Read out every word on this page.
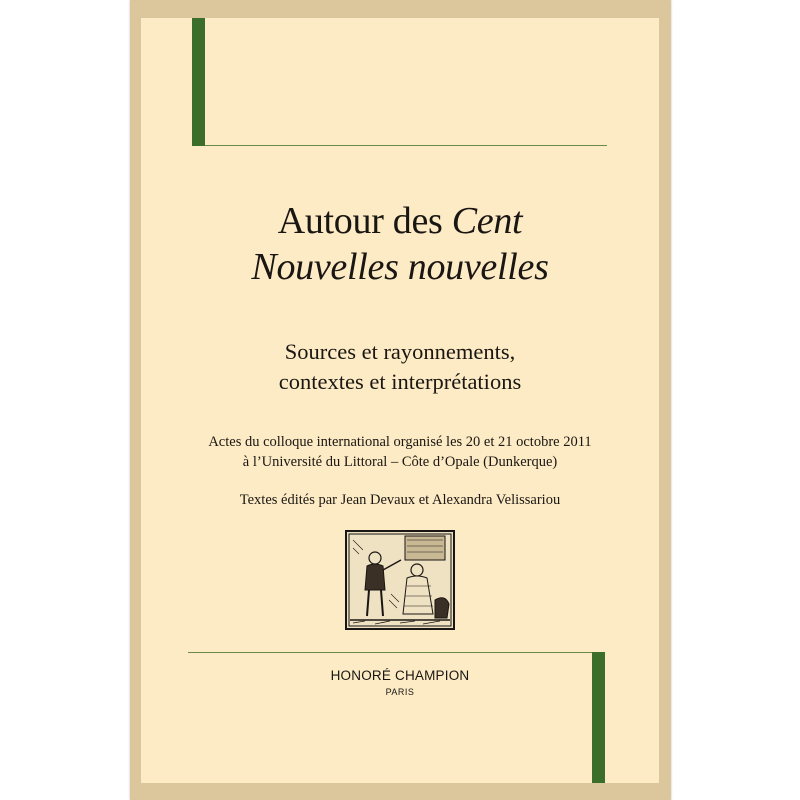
Autour des Cent
Nouvelles nouvelles
Sources et rayonnements,
contextes et interprétations
Actes du colloque international organisé les 20 et 21 octobre 2011
à l’Université du Littoral – Côte d’Opale (Dunkerque)
Textes édités par Jean Devaux et Alexandra Velissariou
HONORÉ CHAMPION
PARIS
